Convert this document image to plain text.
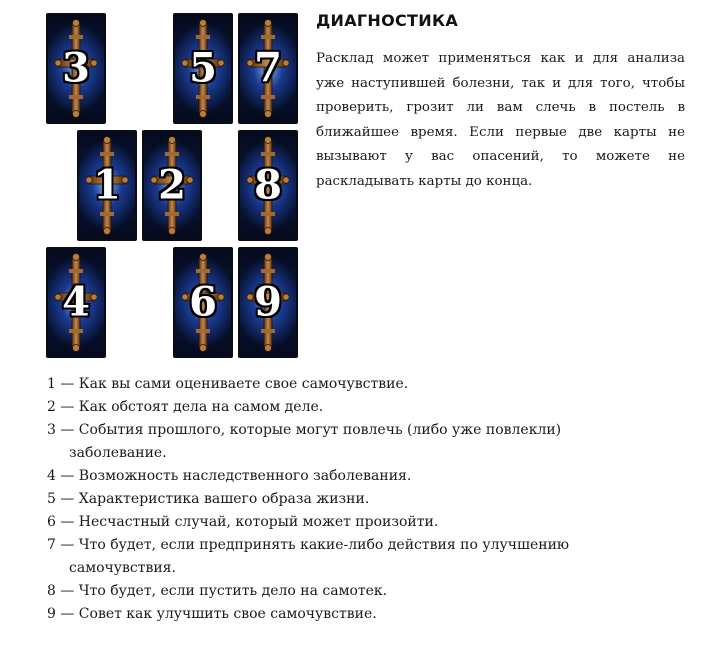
3	5 7
1 2	8
4	6 9
ДИАГНОСТИКА
Расклад может применяться как и для анализа уже наступившей болезни, так и для того, чтобы проверить, грозит ли вам слечь в постель в ближайшее время. Если первые две карты не вызывают у вас опасений, то можете не раскладывать карты до конца.
1 — Как вы сами оцениваете свое самочувствие.
2 — Как обстоят дела на самом деле.
3 — События прошлого, которые могут повлечь (либо уже повлекли) заболевание.
4 — Возможность наследственного заболевания.
5 — Характеристика вашего образа жизни.
6 — Несчастный случай, который может произойти.
7 — Что будет, если предпринять какие-либо действия по улучшению самочувствия.
8 — Что будет, если пустить дело на самотек.
9 — Совет как улучшить свое самочувствие.
